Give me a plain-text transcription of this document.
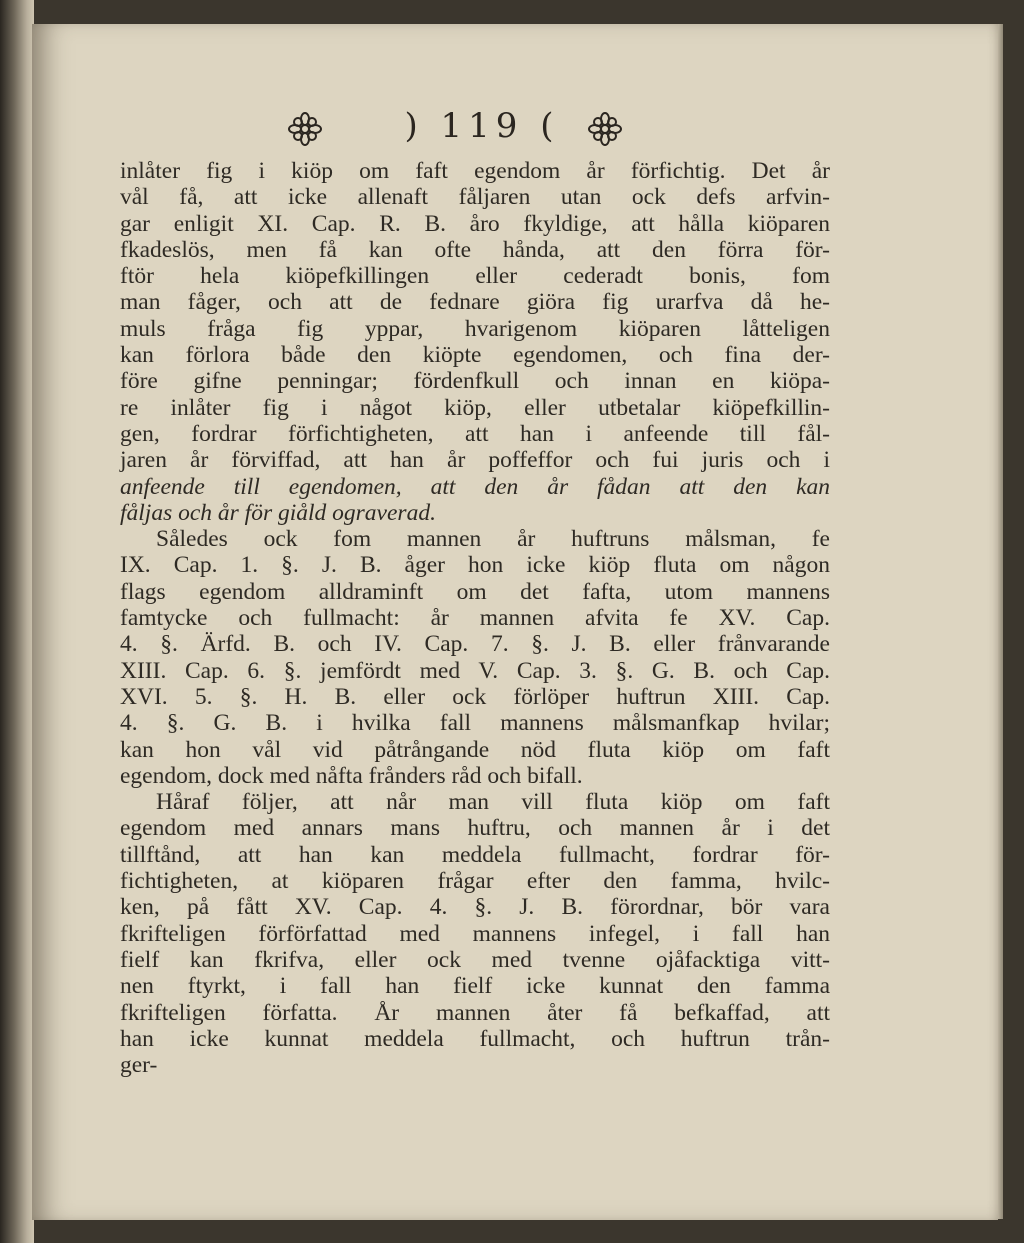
) 119 (
inlåter fig i kiöp om faft egendom år förfichtig. Det år
vål få, att icke allenaft fåljaren utan ock defs arfvin-
gar enligit XI. Cap. R. B. åro fkyldige, att hålla kiöparen
fkadeslös, men få kan ofte hånda, att den förra för-
ftör hela kiöpefkillingen eller cederadt bonis, fom
man fåger, och att de fednare giöra fig urarfva då he-
muls fråga fig yppar, hvarigenom kiöparen låtteligen
kan förlora både den kiöpte egendomen, och fina der-
före gifne penningar; fördenfkull och innan en kiöpa-
re inlåter fig i något kiöp, eller utbetalar kiöpefkillin-
gen, fordrar förfichtigheten, att han i anfeende till fål-
jaren år förviffad, att han år poffeffor och fui juris och i
anfeende till egendomen, att den år fådan att den kan
fåljas och år för giåld ograverad.
Således ock fom mannen år huftruns målsman, fe
IX. Cap. 1. §. J. B. åger hon icke kiöp fluta om någon
flags egendom alldraminft om det fafta, utom mannens
famtycke och fullmacht: år mannen afvita fe XV. Cap.
4. §. Ärfd. B. och IV. Cap. 7. §. J. B. eller frånvarande
XIII. Cap. 6. §. jemfördt med V. Cap. 3. §. G. B. och Cap.
XVI. 5. §. H. B. eller ock förlöper huftrun XIII. Cap.
4. §. G. B. i hvilka fall mannens målsmanfkap hvilar;
kan hon vål vid påtrångande nöd fluta kiöp om faft
egendom, dock med nåfta frånders råd och bifall.
Håraf följer, att når man vill fluta kiöp om faft
egendom med annars mans huftru, och mannen år i det
tillftånd, att han kan meddela fullmacht, fordrar för-
fichtigheten, at kiöparen frågar efter den famma, hvilc-
ken, på fått XV. Cap. 4. §. J. B. förordnar, bör vara
fkrifteligen förförfattad med mannens infegel, i fall han
fielf kan fkrifva, eller ock med tvenne ojåfacktiga vitt-
nen ftyrkt, i fall han fielf icke kunnat den famma
fkrifteligen författa. År mannen åter få befkaffad, att
han icke kunnat meddela fullmacht, och huftrun trån-
ger-
